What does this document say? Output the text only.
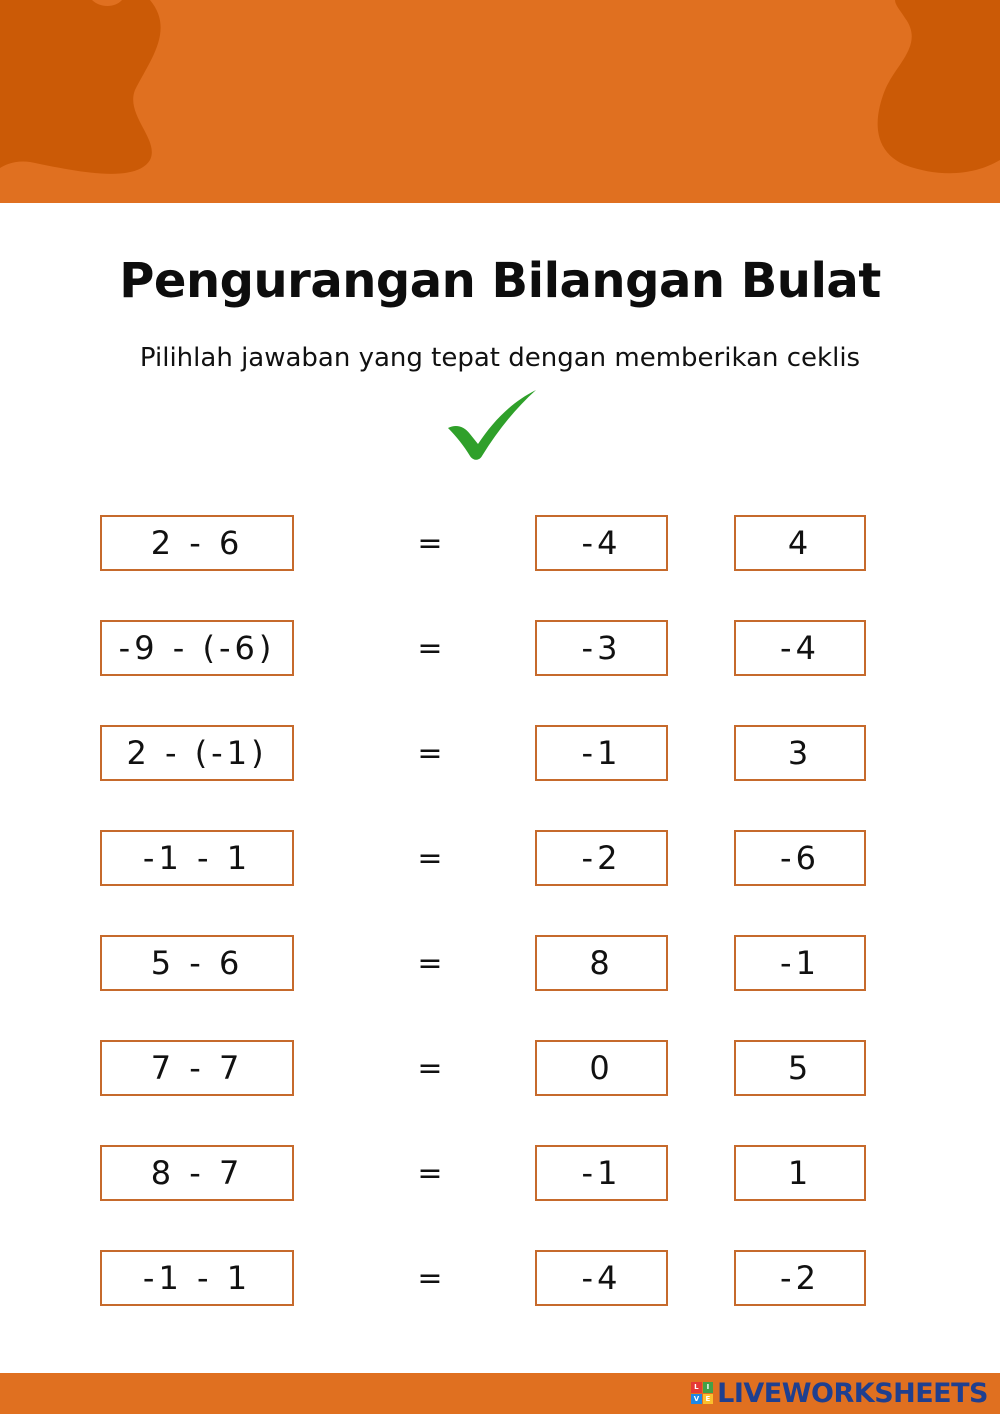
Pengurangan Bilangan Bulat

Pilihlah jawaban yang tepat dengan memberikan ceklis

2 - 6	=	-4	4
-9 - (-6)	=	-3	-4
2 - (-1)	=	-1	3
-1 - 1	=	-2	-6
5 - 6	=	8	-1
7 - 7	=	0	5
8 - 7	=	-1	1
-1 - 1	=	-4	-2
L	I
V E LIVEWORKSHEETS
